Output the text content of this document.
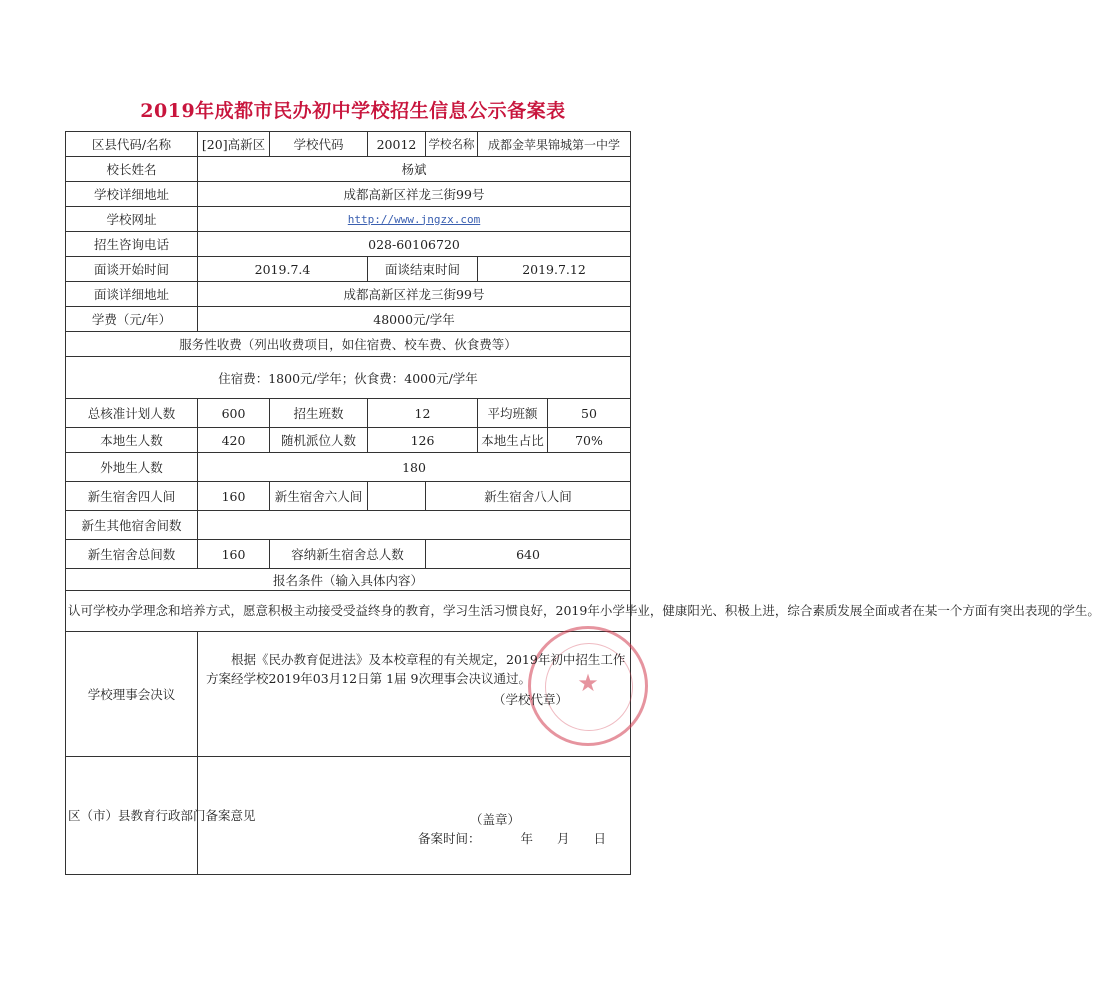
2019年成都市民办初中学校招生信息公示备案表
区县代码/名称	[20]高新区	学校代码	20012	学校名称	成都金苹果锦城第一中学	
校长姓名	杨斌					
学校详细地址	成都高新区祥龙三街99号					
学校网址	http://www.jngzx.com					
招生咨询电话	028-60106720					
面谈开始时间	2019.7.4		面谈结束时间		2019.7.12	
面谈详细地址	成都高新区祥龙三街99号					
学费（元/年）	48000元/学年					
服务性收费（列出收费项目，如住宿费、校车费、伙食费等）						
住宿费：1800元/学年；伙食费：4000元/学年						
总核准计划人数	600	招生班数	12		平均班额	50
本地生人数	420	随机派位人数	126		本地生占比	70%
外地生人数	180					
新生宿舍四人间	160	新生宿舍六人间		新生宿舍八人间		
新生其他宿舍间数						
新生宿舍总间数	160	容纳新生宿舍总人数		640		
报名条件（输入具体内容）						
认可学校办学理念和培养方式，愿意积极主动接受受益终身的教育，学习生活习惯良好，2019年小学毕业，健康阳光、积极上进，综合素质发展全面或者在某一个方面有突出表现的学生。						
学校理事会决议	★
根据《民办教育促进法》及本校章程的有关规定，2019年初中招生工作方案经学校2019年03月12日第 1届 9次理事会决议通过。
（学校代章）					

区（市）县教育行政部门备案意见	（盖章）
备案时间： 年 月 日					
